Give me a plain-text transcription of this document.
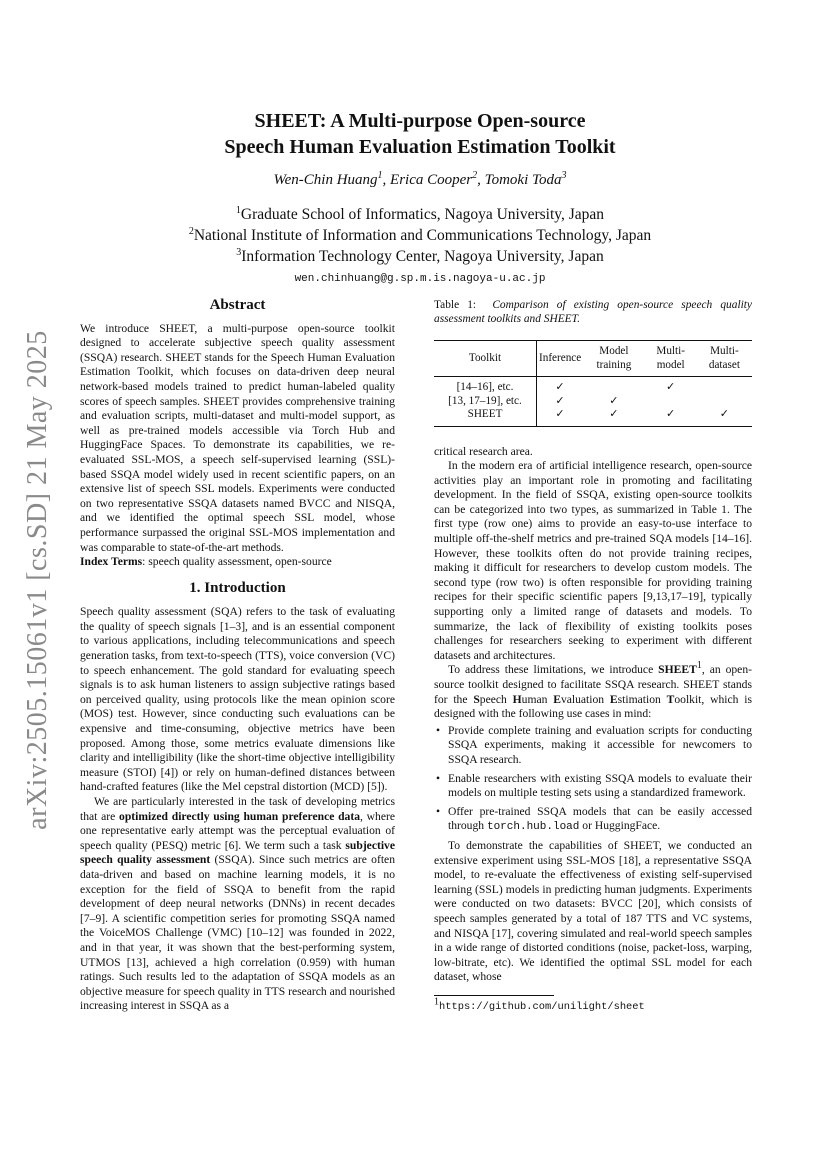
arXiv:2505.15061v1 [cs.SD] 21 May 2025
SHEET: A Multi-purpose Open-source
Speech Human Evaluation Estimation Toolkit
Wen-Chin Huang$^1$, Erica Cooper$^2$, Tomoki Toda$^3$
$^1$Graduate School of Informatics, Nagoya University, Japan
$^2$National Institute of Information and Communications Technology, Japan
$^3$Information Technology Center, Nagoya University, Japan
wen.chinhuang@g.sp.m.is.nagoya-u.ac.jp
Abstract

We introduce SHEET, a multi-purpose open-source toolkit designed to accelerate subjective speech quality assessment (SSQA) research. SHEET stands for the Speech Human Evaluation Estimation Toolkit, which focuses on data-driven deep neural network-based models trained to predict human-labeled quality scores of speech samples. SHEET provides comprehensive training and evaluation scripts, multi-dataset and multi-model support, as well as pre-trained models accessible via Torch Hub and HuggingFace Spaces. To demonstrate its capabilities, we re-evaluated SSL-MOS, a speech self-supervised learning (SSL)-based SSQA model widely used in recent scientific papers, on an extensive list of speech SSL models. Experiments were conducted on two representative SSQA datasets named BVCC and NISQA, and we identified the optimal speech SSL model, whose performance surpassed the original SSL-MOS implementation and was comparable to state-of-the-art methods.

Index Terms: speech quality assessment, open-source

1. Introduction

Speech quality assessment (SQA) refers to the task of evaluating the quality of speech signals [1–3], and is an essential component to various applications, including telecommunications and speech generation tasks, from text-to-speech (TTS), voice conversion (VC) to speech enhancement. The gold standard for evaluating speech signals is to ask human listeners to assign subjective ratings based on perceived quality, using protocols like the mean opinion score (MOS) test. However, since conducting such evaluations can be expensive and time-consuming, objective metrics have been proposed. Among those, some metrics evaluate dimensions like clarity and intelligibility (like the short-time objective intelligibility measure (STOI) [4]) or rely on human-defined distances between hand-crafted features (like the Mel cepstral distortion (MCD) [5]).

We are particularly interested in the task of developing metrics that are optimized directly using human preference data, where one representative early attempt was the perceptual evaluation of speech quality (PESQ) metric [6]. We term such a task subjective speech quality assessment (SSQA). Since such metrics are often data-driven and based on machine learning models, it is no exception for the field of SSQA to benefit from the rapid development of deep neural networks (DNNs) in recent decades [7–9]. A scientific competition series for promoting SSQA named the VoiceMOS Challenge (VMC) [10–12] was founded in 2022, and in that year, it was shown that the best-performing system, UTMOS [13], achieved a high correlation (0.959) with human ratings. Such results led to the adaptation of SSQA models as an objective measure for speech quality in TTS research and nourished increasing interest in SSQA as a

Table 1: Comparison of existing open-source speech quality assessment toolkits and SHEET.
Toolkit	Inference	Model training	Multi-model	Multi-dataset
[14–16], etc.	✓		✓	
[13, 17–19], etc.	✓	✓		
SHEET	✓	✓	✓	✓

critical research area.

In the modern era of artificial intelligence research, open-source activities play an important role in promoting and facilitating development. In the field of SSQA, existing open-source toolkits can be categorized into two types, as summarized in Table 1. The first type (row one) aims to provide an easy-to-use interface to multiple off-the-shelf metrics and pre-trained SQA models [14–16]. However, these toolkits often do not provide training recipes, making it difficult for researchers to develop custom models. The second type (row two) is often responsible for providing training recipes for their specific scientific papers [9,13,17–19], typically supporting only a limited range of datasets and models. To summarize, the lack of flexibility of existing toolkits poses challenges for researchers seeking to experiment with different datasets and architectures.

To address these limitations, we introduce SHEET$^1$, an open-source toolkit designed to facilitate SSQA research. SHEET stands for the Speech Human Evaluation Estimation Toolkit, which is designed with the following use cases in mind:

• Provide complete training and evaluation scripts for conducting SSQA experiments, making it accessible for newcomers to SSQA research.
• Enable researchers with existing SSQA models to evaluate their models on multiple testing sets using a standardized framework.
• Offer pre-trained SSQA models that can be easily accessed through torch.hub.load or HuggingFace.

To demonstrate the capabilities of SHEET, we conducted an extensive experiment using SSL-MOS [18], a representative SSQA model, to re-evaluate the effectiveness of existing self-supervised learning (SSL) models in predicting human judgments. Experiments were conducted on two datasets: BVCC [20], which consists of speech samples generated by a total of 187 TTS and VC systems, and NISQA [17], covering simulated and real-world speech samples in a wide range of distorted conditions (noise, packet-loss, warping, low-bitrate, etc). We identified the optimal SSL model for each dataset, whose

$^1$https://github.com/unilight/sheet
